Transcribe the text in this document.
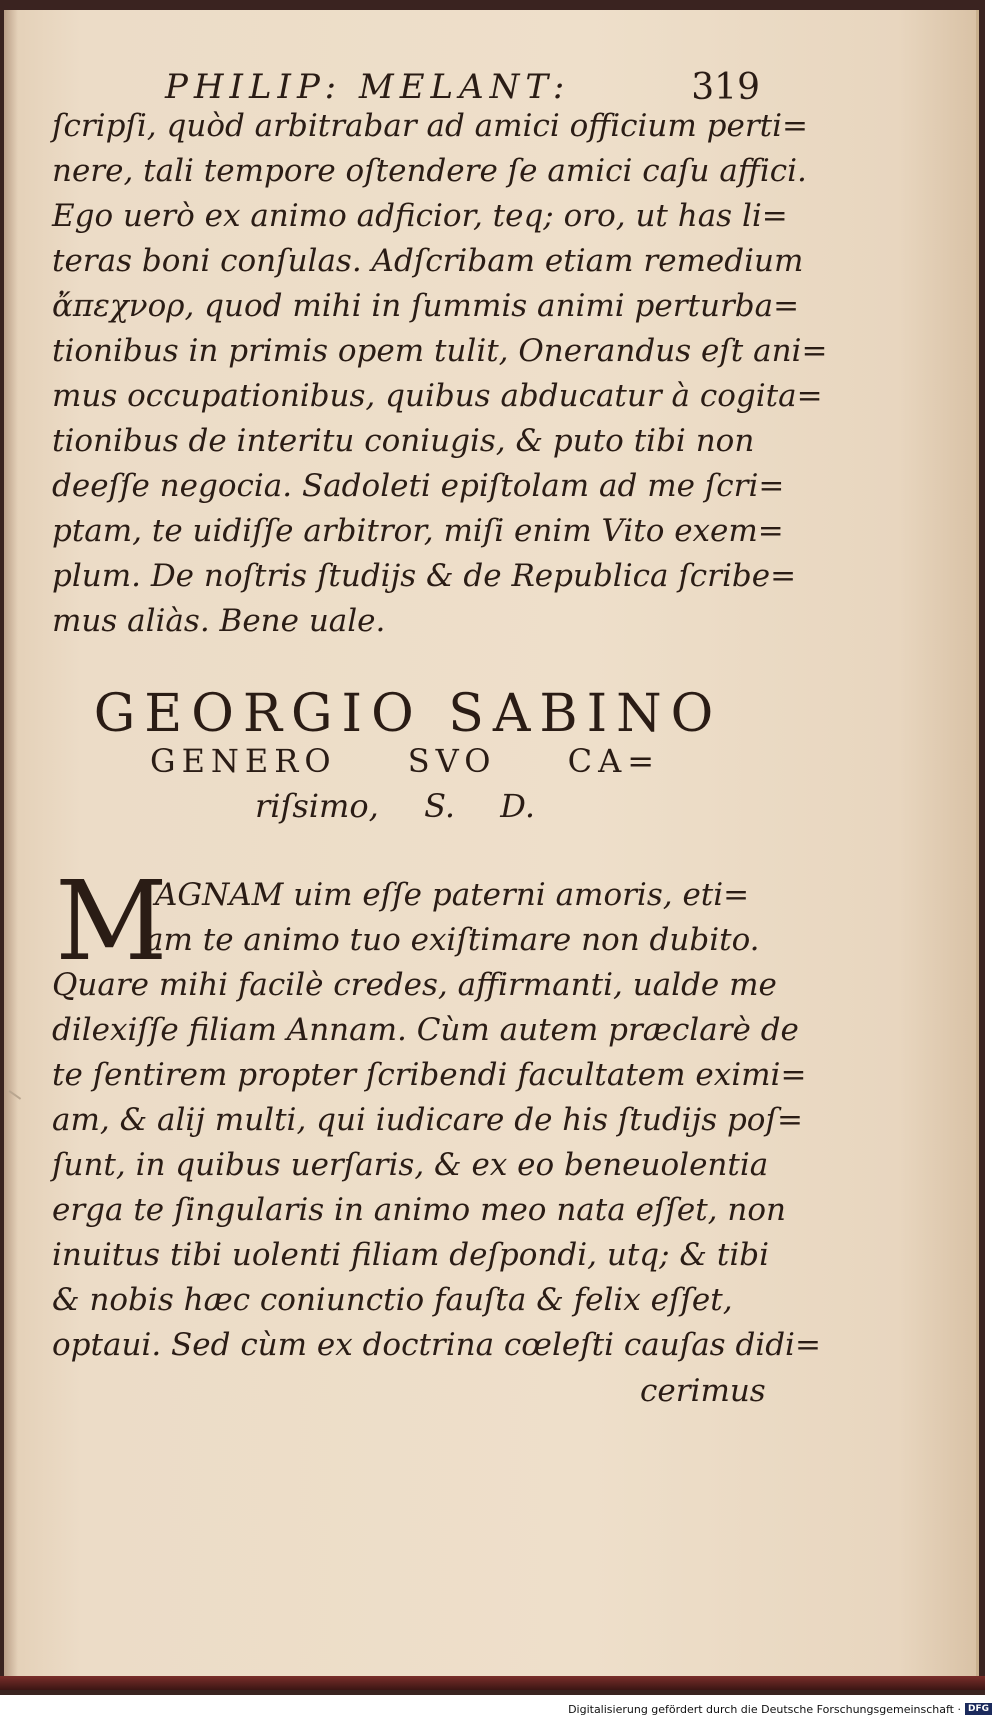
PHILIP: MELANT:	319
ſcripſi, quòd arbitrabar ad amici officium perti=
nere, tali tempore oſtendere ſe amici caſu affici.
Ego uerò ex animo adficior, teq; oro, ut has li=
teras boni conſulas. Adſcribam etiam remedium
ἄπεχνορ, quod mihi in ſummis animi perturba=
tionibus in primis opem tulit, Onerandus eſt ani=
mus occupationibus, quibus abducatur à cogita=
tionibus de interitu coniugis, & puto tibi non
deeſſe negocia. Sadoleti epiſtolam ad me ſcri=
ptam, te uidiſſe arbitror, miſi enim Vito exem=
plum. De noſtris ſtudijs & de Republica ſcribe=
mus aliàs. Bene uale.
GEORGIO SABINO
GENERO SVO CA=
riſsimo, S. D.
M
AGNAM uim eſſe paterni amoris, eti=
am te animo tuo exiſtimare non dubito.
Quare mihi facilè credes, affirmanti, ualde me
dilexiſſe filiam Annam. Cùm autem præclarè de
te ſentirem propter ſcribendi facultatem eximi=
am, & alij multi, qui iudicare de his ſtudijs poſ=
ſunt, in quibus uerſaris, & ex eo beneuolentia
erga te ſingularis in animo meo nata eſſet, non
inuitus tibi uolenti filiam deſpondi, utq; & tibi
& nobis hæc coniunctio fauſta & felix eſſet,
optaui. Sed cùm ex doctrina cœleſti cauſas didi=
cerimus
Digitalisierung gefördert durch die Deutsche Forschungsgemeinschaft · DFG
